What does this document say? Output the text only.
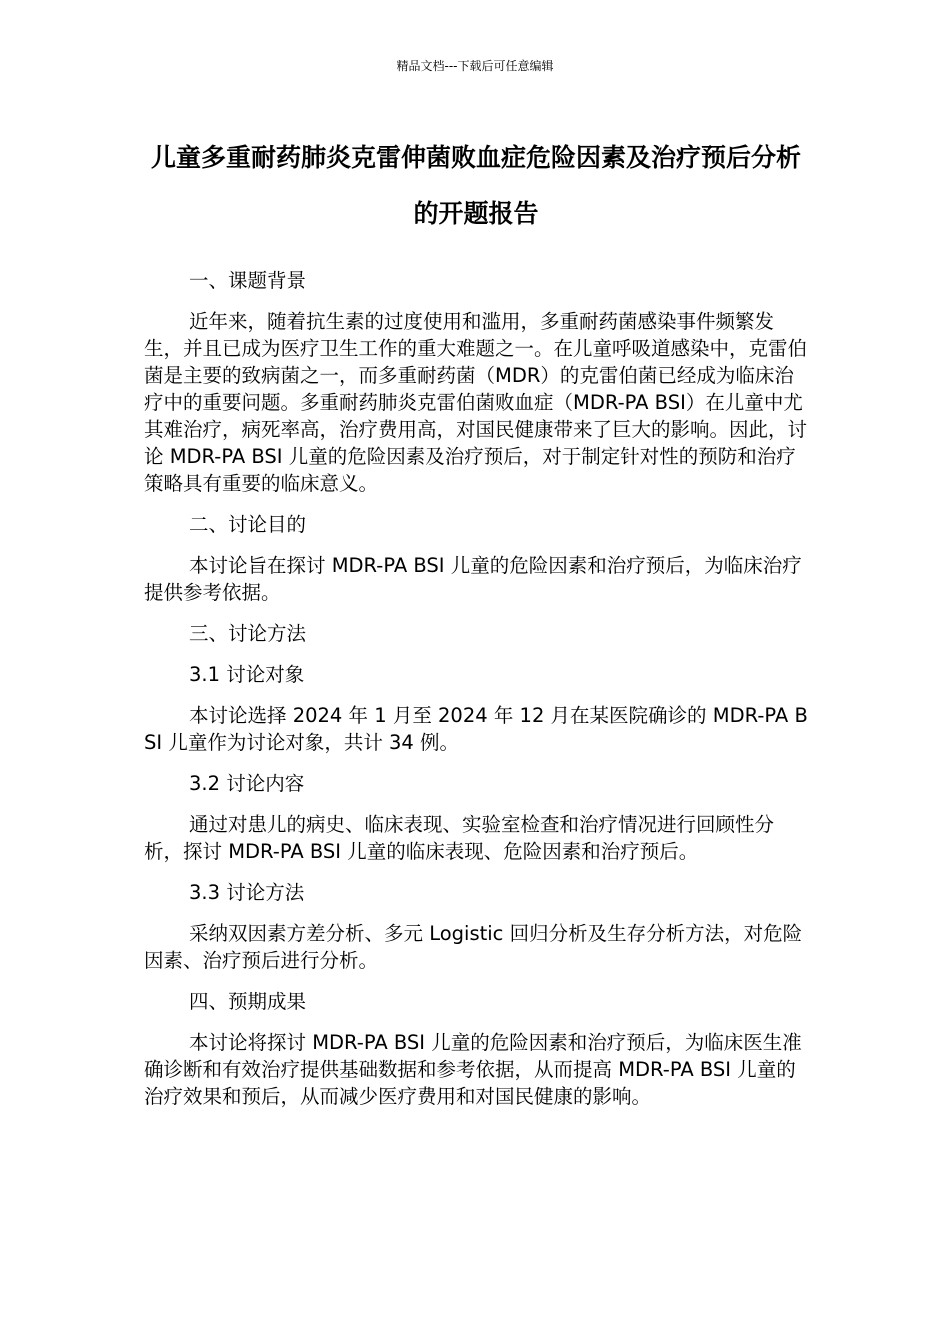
精品文档---下载后可任意编辑
儿童多重耐药肺炎克雷伸菌败血症危险因素及治疗预后分析的开题报告

一、课题背景

近年来，随着抗生素的过度使用和滥用，多重耐药菌感染事件频繁发生，并且已成为医疗卫生工作的重大难题之一。在儿童呼吸道感染中，克雷伯菌是主要的致病菌之一，而多重耐药菌（MDR）的克雷伯菌已经成为临床治疗中的重要问题。多重耐药肺炎克雷伯菌败血症（MDR-PA BSI）在儿童中尤其难治疗，病死率高，治疗费用高，对国民健康带来了巨大的影响。因此，讨论 MDR-PA BSI 儿童的危险因素及治疗预后，对于制定针对性的预防和治疗策略具有重要的临床意义。

二、讨论目的

本讨论旨在探讨 MDR-PA BSI 儿童的危险因素和治疗预后，为临床治疗提供参考依据。

三、讨论方法

3.1 讨论对象

本讨论选择 2024 年 1 月至 2024 年 12 月在某医院确诊的 MDR-PA BSI 儿童作为讨论对象，共计 34 例。

3.2 讨论内容

通过对患儿的病史、临床表现、实验室检查和治疗情况进行回顾性分析，探讨 MDR-PA BSI 儿童的临床表现、危险因素和治疗预后。

3.3 讨论方法

采纳双因素方差分析、多元 Logistic 回归分析及生存分析方法，对危险因素、治疗预后进行分析。

四、预期成果

本讨论将探讨 MDR-PA BSI 儿童的危险因素和治疗预后，为临床医生准确诊断和有效治疗提供基础数据和参考依据，从而提高 MDR-PA BSI 儿童的治疗效果和预后，从而减少医疗费用和对国民健康的影响。
